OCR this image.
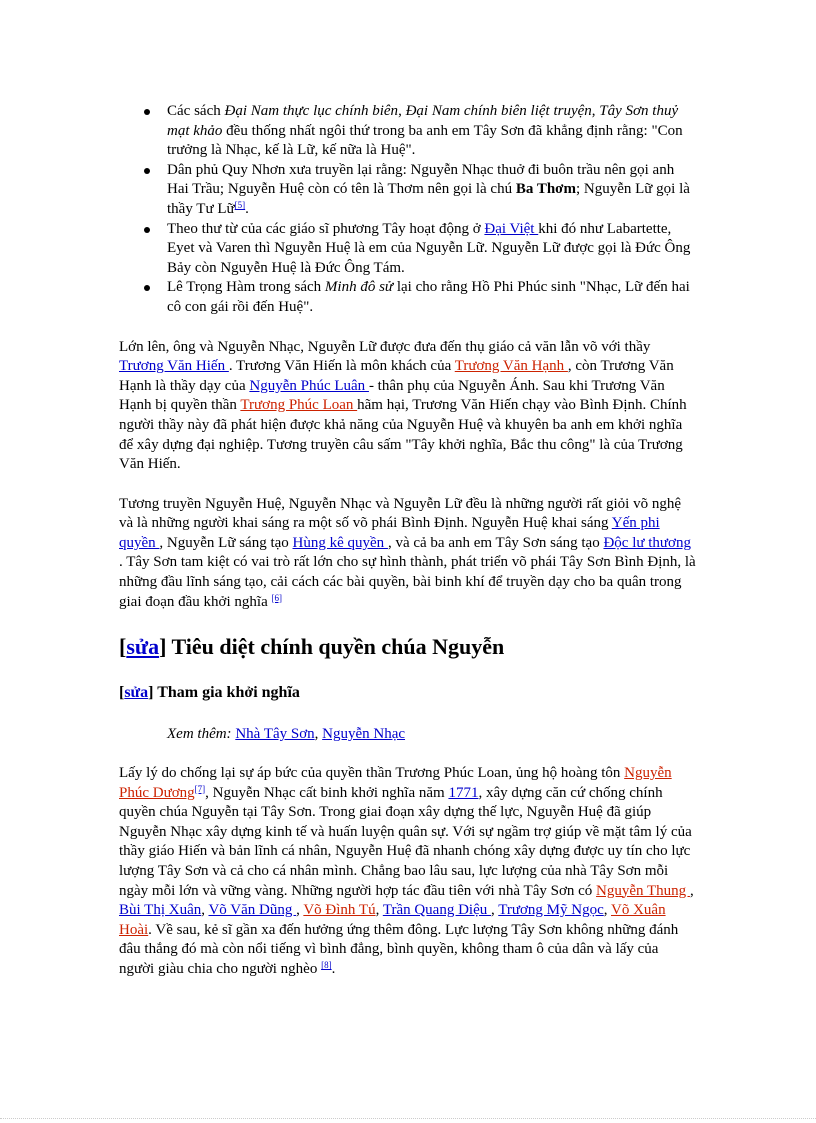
Các sách Đại Nam thực lục chính biên, Đại Nam chính biên liệt truyện, Tây Sơn thuỷ mạt khảo đều thống nhất ngôi thứ trong ba anh em Tây Sơn đã khẳng định rằng: "Con trưởng là Nhạc, kế là Lữ, kế nữa là Huệ".
Dân phủ Quy Nhơn xưa truyền lại rằng: Nguyễn Nhạc thuở đi buôn trầu nên gọi anh Hai Trầu; Nguyễn Huệ còn có tên là Thơm nên gọi là chú Ba Thơm; Nguyễn Lữ gọi là thầy Tư Lữ[5].
Theo thư từ của các giáo sĩ phương Tây hoạt động ở Đại Việt khi đó như Labartette, Eyet và Varen thì Nguyễn Huệ là em của Nguyễn Lữ. Nguyễn Lữ được gọi là Đức Ông Bảy còn Nguyễn Huệ là Đức Ông Tám.
Lê Trọng Hàm trong sách Minh đô sử lại cho rằng Hồ Phi Phúc sinh "Nhạc, Lữ đến hai cô con gái rồi đến Huệ".

Lớn lên, ông và Nguyễn Nhạc, Nguyễn Lữ được đưa đến thụ giáo cả văn lẫn võ với thầy Trương Văn Hiến . Trương Văn Hiến là môn khách của Trương Văn Hạnh , còn Trương Văn Hạnh là thầy dạy của Nguyễn Phúc Luân - thân phụ của Nguyễn Ánh. Sau khi Trương Văn Hạnh bị quyền thần Trương Phúc Loan hãm hại, Trương Văn Hiến chạy vào Bình Định. Chính người thầy này đã phát hiện được khả năng của Nguyễn Huệ và khuyên ba anh em khởi nghĩa để xây dựng đại nghiệp. Tương truyền câu sấm "Tây khởi nghĩa, Bắc thu công" là của Trương Văn Hiến.

Tương truyền Nguyễn Huệ, Nguyễn Nhạc và Nguyễn Lữ đều là những người rất giỏi võ nghệ và là những người khai sáng ra một số võ phái Bình Định. Nguyễn Huệ khai sáng Yến phi quyền , Nguyễn Lữ sáng tạo Hùng kê quyền , và cả ba anh em Tây Sơn sáng tạo Độc lư thương . Tây Sơn tam kiệt có vai trò rất lớn cho sự hình thành, phát triển võ phái Tây Sơn Bình Định, là những đầu lĩnh sáng tạo, cải cách các bài quyền, bài binh khí để truyền dạy cho ba quân trong giai đoạn đầu khởi nghĩa [6]

[sửa] Tiêu diệt chính quyền chúa Nguyễn
[sửa] Tham gia khởi nghĩa
Xem thêm: Nhà Tây Sơn, Nguyễn Nhạc

Lấy lý do chống lại sự áp bức của quyền thần Trương Phúc Loan, ủng hộ hoàng tôn Nguyễn Phúc Dương[7], Nguyễn Nhạc cất binh khởi nghĩa năm 1771, xây dựng căn cứ chống chính quyền chúa Nguyễn tại Tây Sơn. Trong giai đoạn xây dựng thế lực, Nguyễn Huệ đã giúp Nguyễn Nhạc xây dựng kinh tế và huấn luyện quân sự. Với sự ngầm trợ giúp về mặt tâm lý của thầy giáo Hiến và bản lĩnh cá nhân, Nguyễn Huệ đã nhanh chóng xây dựng được uy tín cho lực lượng Tây Sơn và cả cho cá nhân mình. Chẳng bao lâu sau, lực lượng của nhà Tây Sơn mỗi ngày mỗi lớn và vững vàng. Những người hợp tác đầu tiên với nhà Tây Sơn có Nguyễn Thung , Bùi Thị Xuân, Võ Văn Dũng , Võ Đình Tú, Trần Quang Diệu , Trương Mỹ Ngọc, Võ Xuân Hoài. Về sau, kẻ sĩ gần xa đến hưởng ứng thêm đông. Lực lượng Tây Sơn không những đánh đâu thắng đó mà còn nổi tiếng vì bình đẳng, bình quyền, không tham ô của dân và lấy của người giàu chia cho người nghèo [8].
